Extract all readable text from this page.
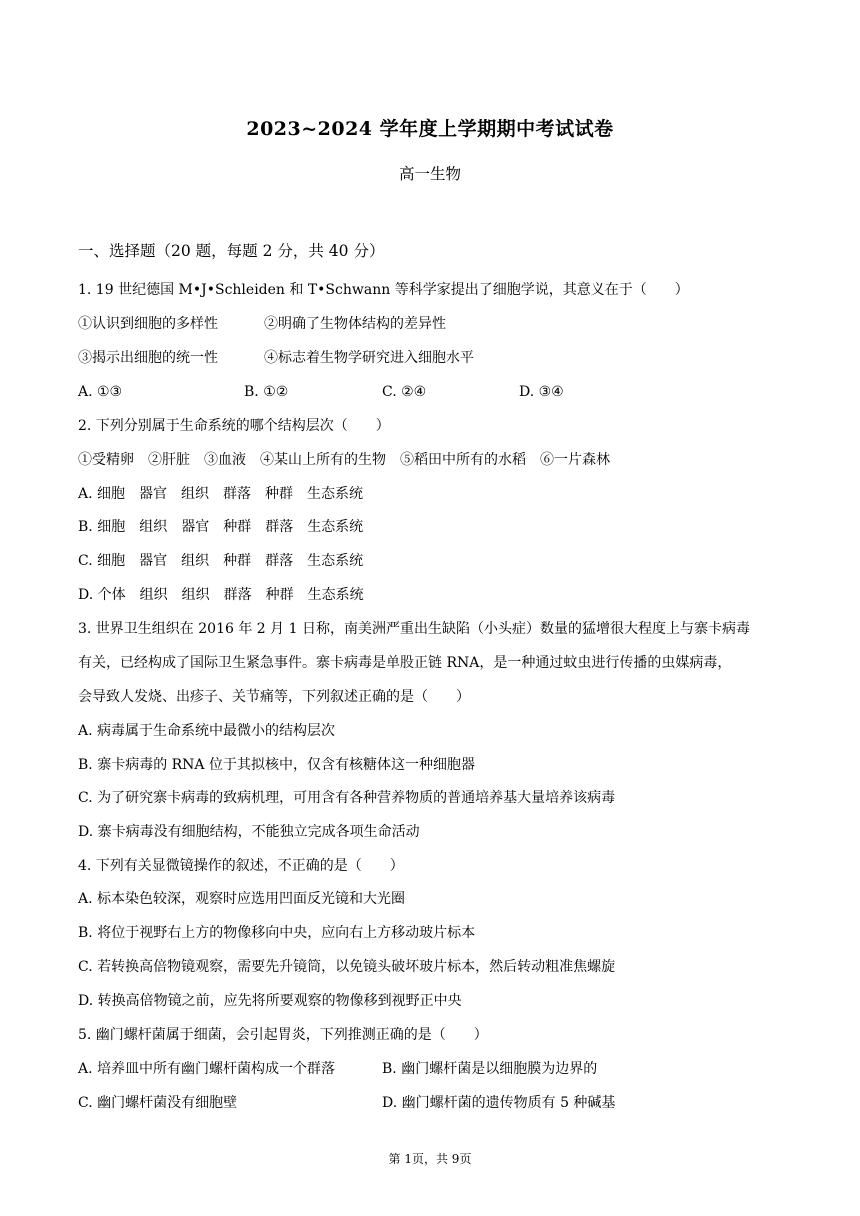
2023~2024 学年度上学期期中考试试卷
高一生物
一、选择题（20 题，每题 2 分，共 40 分）
1. 19 世纪德国 M•J•Schleiden 和 T•Schwann 等科学家提出了细胞学说，其意义在于（　　）
①认识到细胞的多样性	②明确了生物体结构的差异性
③揭示出细胞的统一性	④标志着生物学研究进入细胞水平
A. ①③	B. ①②	C. ②④	D. ③④
2. 下列分别属于生命系统的哪个结构层次（　　）
①受精卵　②肝脏　③血液　④某山上所有的生物　⑤稻田中所有的水稻　⑥一片森林
A. 细胞　器官　组织　群落　种群　生态系统
B. 细胞　组织　器官　种群　群落　生态系统
C. 细胞　器官　组织　种群　群落　生态系统
D. 个体　组织　组织　群落　种群　生态系统
3. 世界卫生组织在 2016 年 2 月 1 日称，南美洲严重出生缺陷（小头症）数量的猛增很大程度上与寨卡病毒
有关，已经构成了国际卫生紧急事件。寨卡病毒是单股正链 RNA，是一种通过蚊虫进行传播的虫媒病毒，
会导致人发烧、出疹子、关节痛等，下列叙述正确的是（　　）
A. 病毒属于生命系统中最微小的结构层次
B. 寨卡病毒的 RNA 位于其拟核中，仅含有核糖体这一种细胞器
C. 为了研究寨卡病毒的致病机理，可用含有各种营养物质的普通培养基大量培养该病毒
D. 寨卡病毒没有细胞结构，不能独立完成各项生命活动
4. 下列有关显微镜操作的叙述，不正确的是（　　）
A. 标本染色较深，观察时应选用凹面反光镜和大光圈
B. 将位于视野右上方的物像移向中央，应向右上方移动玻片标本
C. 若转换高倍物镜观察，需要先升镜筒，以免镜头破坏玻片标本，然后转动粗准焦螺旋
D. 转换高倍物镜之前，应先将所要观察的物像移到视野正中央
5. 幽门螺杆菌属于细菌，会引起胃炎，下列推测正确的是（　　）
A. 培养皿中所有幽门螺杆菌构成一个群落	B. 幽门螺杆菌是以细胞膜为边界的
C. 幽门螺杆菌没有细胞壁	D. 幽门螺杆菌的遗传物质有 5 种碱基
第 1页，共 9页
